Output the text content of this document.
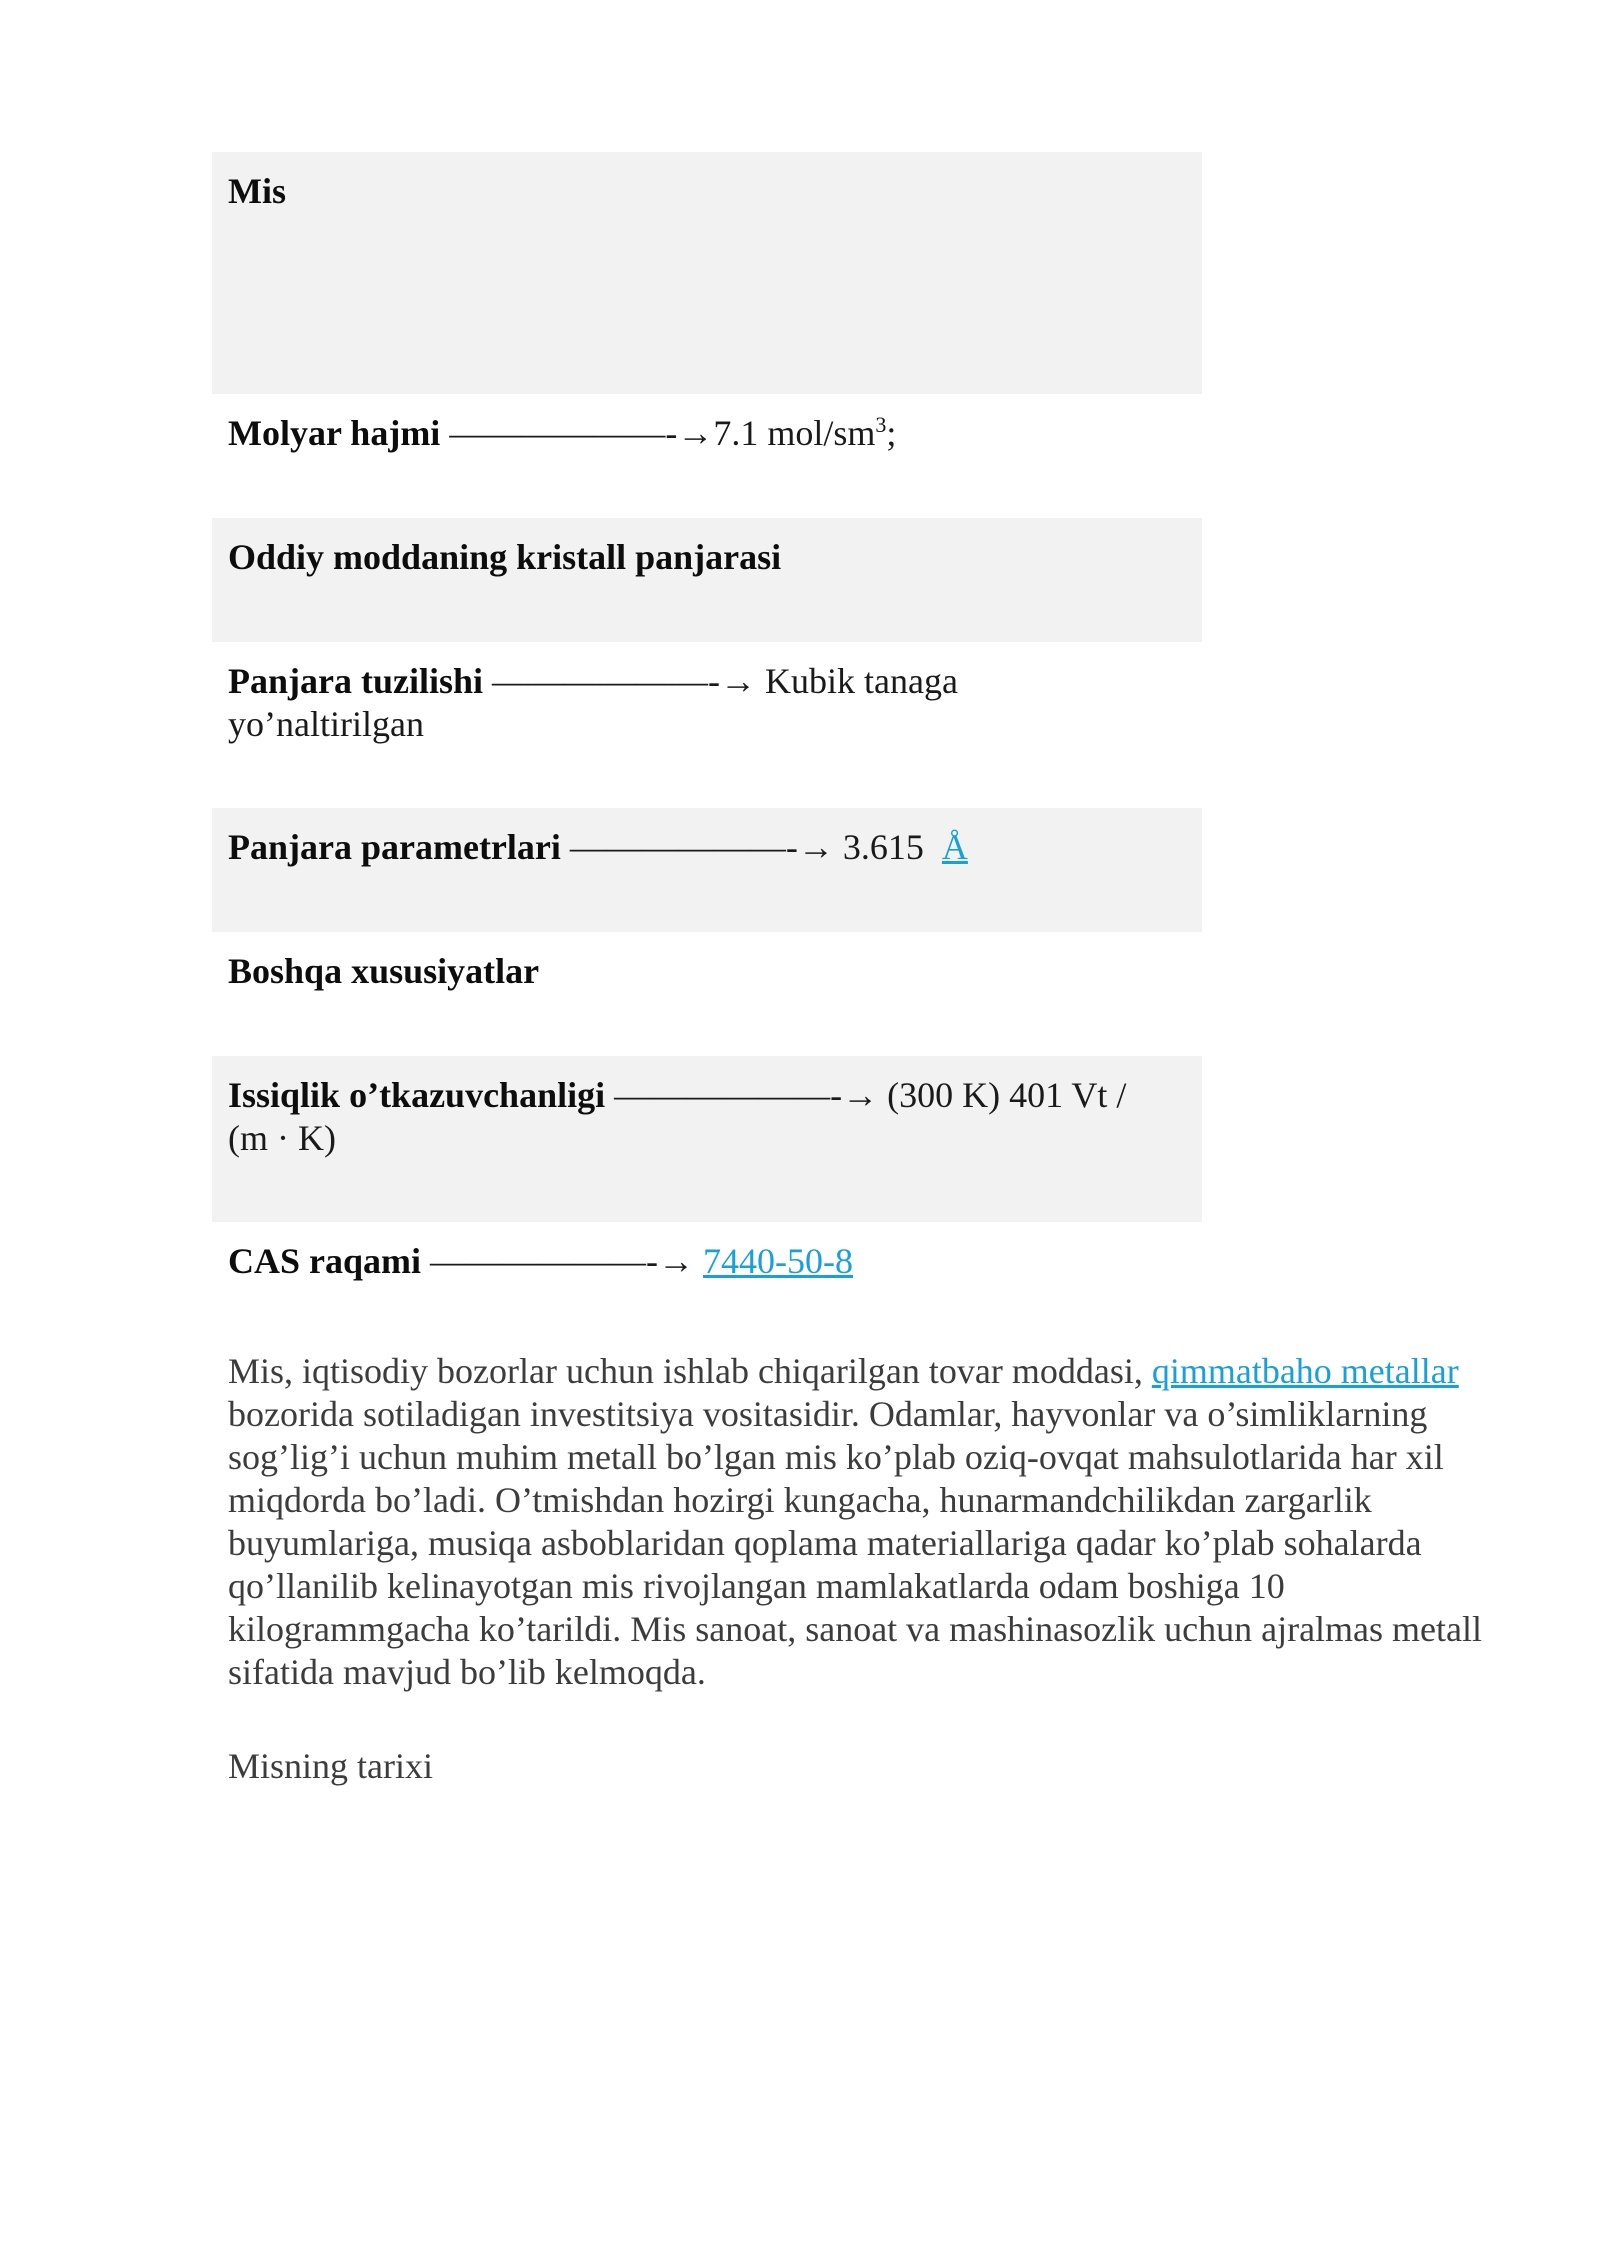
Mis
Molyar hajmi ——————-→7.1 mol/$sm^3$;
Oddiy moddaning kristall panjarasi
Panjara tuzilishi ——————-→ Kubik tanaga
yo’naltirilgan
Panjara parametrlari ——————-→ 3.615 Å
Boshqa xususiyatlar
Issiqlik o’tkazuvchanligi ——————-→ (300 K) 401 Vt /
(m · K)
CAS raqami ——————-→ 7440-50-8

Mis, iqtisodiy bozorlar uchun ishlab chiqarilgan tovar moddasi, qimmatbaho metallar bozorida sotiladigan investitsiya vositasidir. Odamlar, hayvonlar va o’simliklarning sog’lig’i uchun muhim metall bo’lgan mis ko’plab oziq-ovqat mahsulotlarida har xil miqdorda bo’ladi. O’tmishdan hozirgi kungacha, hunarmandchilikdan zargarlik buyumlariga, musiqa asboblaridan qoplama materiallariga qadar ko’plab sohalarda qo’llanilib kelinayotgan mis rivojlangan mamlakatlarda odam boshiga 10 kilogrammgacha ko’tarildi. Mis sanoat, sanoat va mashinasozlik uchun ajralmas metall sifatida mavjud bo’lib kelmoqda.

Misning tarixi
